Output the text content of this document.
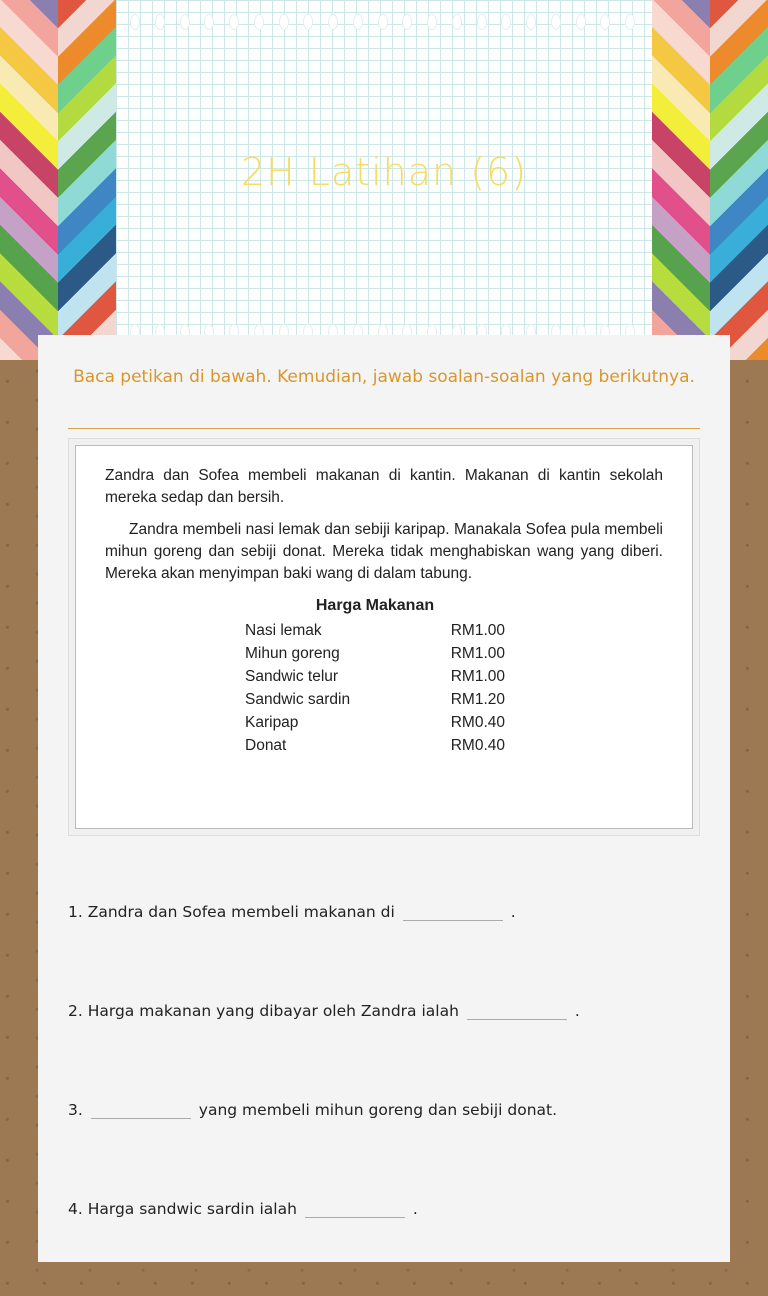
2H Latihan (6)
Baca petikan di bawah. Kemudian, jawab soalan-soalan yang berikutnya.

Zandra dan Sofea membeli makanan di kantin. Makanan di kantin sekolah mereka sedap dan bersih.

Zandra membeli nasi lemak dan sebiji karipap. Manakala Sofea pula membeli mihun goreng dan sebiji donat. Mereka tidak menghabiskan wang yang diberi. Mereka akan menyimpan baki wang di dalam tabung.

Harga Makanan
Nasi lemak	RM1.00
Mihun goreng	RM1.00
Sandwic telur	RM1.00
Sandwic sardin	RM1.20
Karipap	RM0.40
Donat	RM0.40
1. Zandra dan Sofea membeli makanan di	.
2. Harga makanan yang dibayar oleh Zandra ialah	.
3.	yang membeli mihun goreng dan sebiji donat.
4. Harga sandwic sardin ialah	.
